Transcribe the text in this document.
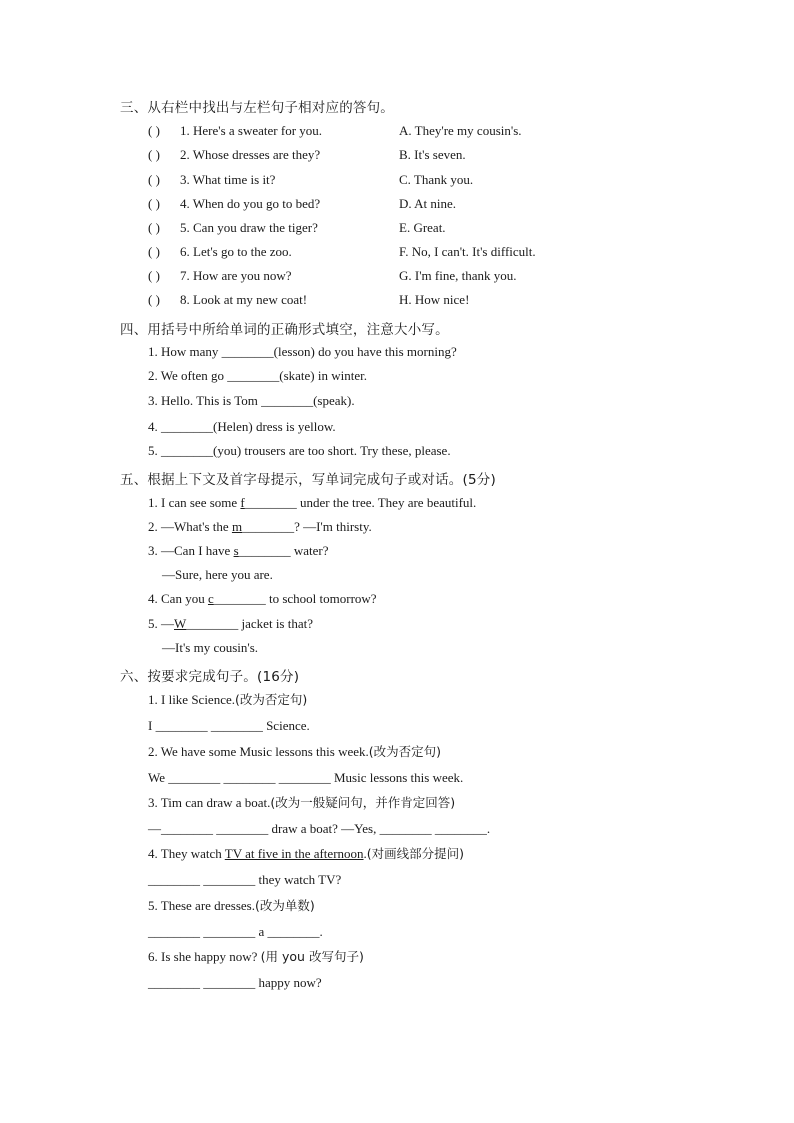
三、从右栏中找出与左栏句子相对应的答句。
( ) 1. Here's a sweater for you.	A. They're my cousin's.
( ) 2. Whose dresses are they?	B. It's seven.
( ) 3. What time is it?	C. Thank you.
( ) 4. When do you go to bed?	D. At nine.
( ) 5. Can you draw the tiger?	E. Great.
( ) 6. Let's go to the zoo.	F. No, I can't. It's difficult.
( ) 7. How are you now?	G. I'm fine, thank you.
( ) 8. Look at my new coat!	H. How nice!
四、用括号中所给单词的正确形式填空，注意大小写。
1. How many ________(lesson) do you have this morning?
2. We often go ________(skate) in winter.
3. Hello. This is Tom ________(speak).
4. ________(Helen) dress is yellow.
5. ________(you) trousers are too short. Try these, please.
五、根据上下文及首字母提示，写单词完成句子或对话。(5分)
1. I can see some f________ under the tree. They are beautiful.
2. —What's the m________? —I'm thirsty.
3. —Can I have s________ water?
—Sure, here you are.
4. Can you c________ to school tomorrow?
5. —W________ jacket is that?
—It's my cousin's.
六、按要求完成句子。(16分)
1. I like Science.(改为否定句)
I ________ ________ Science.
2. We have some Music lessons this week.(改为否定句)
We ________ ________ ________ Music lessons this week.
3. Tim can draw a boat.(改为一般疑问句，并作肯定回答)
—________ ________ draw a boat? —Yes, ________ ________.
4. They watch TV at five in the afternoon.(对画线部分提问)
________ ________ they watch TV?
5. These are dresses.(改为单数)
________ ________ a ________.
6. Is she happy now? (用 you 改写句子)
________ ________ happy now?
